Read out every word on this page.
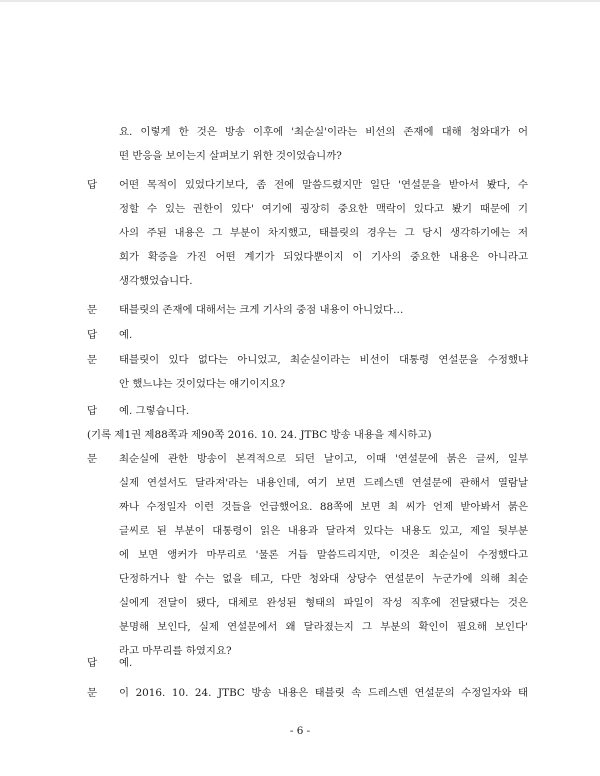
요. 이렇게 한 것은 방송 이후에 '최순실'이라는 비선의 존재에 대해 청와대가 어
떤 반응을 보이는지 살펴보기 위한 것이었습니까?
답	어떤 목적이 있었다기보다, 좀 전에 말씀드렸지만 일단 '연설문을 받아서 봤다, 수
정할 수 있는 권한이 있다' 여기에 굉장히 중요한 맥락이 있다고 봤기 때문에 기
사의 주된 내용은 그 부분이 차지했고, 태블릿의 경우는 그 당시 생각하기에는 저
희가 확증을 가진 어떤 계기가 되었다뿐이지 이 기사의 중요한 내용은 아니라고
생각했었습니다.
문	태블릿의 존재에 대해서는 크게 기사의 중점 내용이 아니었다…
답	예.
문	태블릿이 있다 없다는 아니었고, 최순실이라는 비선이 대통령 연설문을 수정했냐
안 했느냐는 것이었다는 얘기이지요?
답	예. 그렇습니다.
(기록 제1권 제88쪽과 제90쪽 2016. 10. 24. JTBC 방송 내용을 제시하고)
문	최순실에 관한 방송이 본격적으로 되던 날이고, 이때 '연설문에 붉은 글씨, 일부
실제 연설서도 달라져'라는 내용인데, 여기 보면 드레스덴 연설문에 관해서 열람날
짜나 수정일자 이런 것들을 언급했어요. 88쪽에 보면 최 씨가 언제 받아봐서 붉은
글씨로 된 부분이 대통령이 읽은 내용과 달라져 있다는 내용도 있고, 제일 뒷부분
에 보면 앵커가 마무리로 '물론 거듭 말씀드리지만, 이것은 최순실이 수정했다고
단정하거나 할 수는 없을 테고, 다만 청와대 상당수 연설문이 누군가에 의해 최순
실에게 전달이 됐다, 대체로 완성된 형태의 파일이 작성 직후에 전달됐다는 것은
분명해 보인다, 실제 연설문에서 왜 달라졌는지 그 부분의 확인이 필요해 보인다'
라고 마무리를 하였지요?
답	예.
문	이 2016. 10. 24. JTBC 방송 내용은 태블릿 속 드레스덴 연설문의 수정일자와 태
- 6 -
